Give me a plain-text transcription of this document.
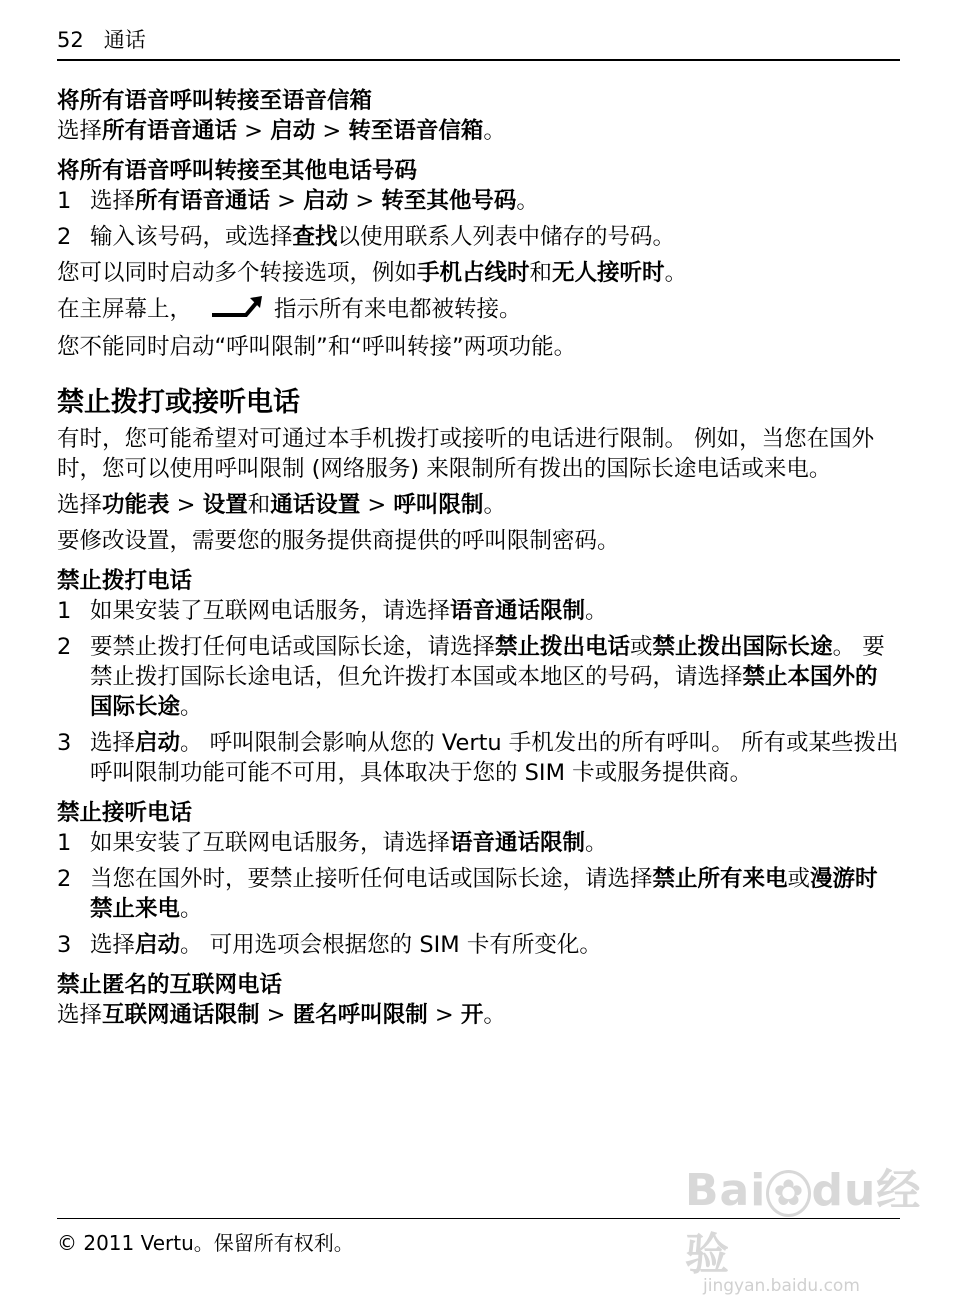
52 通话
将所有语音呼叫转接至语音信箱
选择所有语音通话 > 启动 > 转至语音信箱。
将所有语音呼叫转接至其他电话号码
1 选择所有语音通话 > 启动 > 转至其他号码。
2 输入该号码，或选择查找以使用联系人列表中储存的号码。
您可以同时启动多个转接选项，例如手机占线时和无人接听时。
在主屏幕上，	指示所有来电都被转接。
您不能同时启动“呼叫限制”和“呼叫转接”两项功能。
禁止拨打或接听电话
有时，您可能希望对可通过本手机拨打或接听的电话进行限制。 例如，当您在国外时，您可以使用呼叫限制 (网络服务) 来限制所有拨出的国际长途电话或来电。
选择功能表 > 设置和通话设置 > 呼叫限制。
要修改设置，需要您的服务提供商提供的呼叫限制密码。
禁止拨打电话
1 如果安装了互联网电话服务，请选择语音通话限制。
2 要禁止拨打任何电话或国际长途，请选择禁止拨出电话或禁止拨出国际长途。 要禁止拨打国际长途电话，但允许拨打本国或本地区的号码，请选择禁止本国外的国际长途。
3 选择启动。 呼叫限制会影响从您的 Vertu 手机发出的所有呼叫。 所有或某些拨出呼叫限制功能可能不可用，具体取决于您的 SIM 卡或服务提供商。
禁止接听电话
1 如果安装了互联网电话服务，请选择语音通话限制。
2 当您在国外时，要禁止接听任何电话或国际长途，请选择禁止所有来电或漫游时禁止来电。
3 选择启动。 可用选项会根据您的 SIM 卡有所变化。
禁止匿名的互联网电话
选择互联网通话限制 > 匿名呼叫限制 > 开。
Bai ✿ du经验
jingyan.baidu.com
© 2011 Vertu。保留所有权利。
